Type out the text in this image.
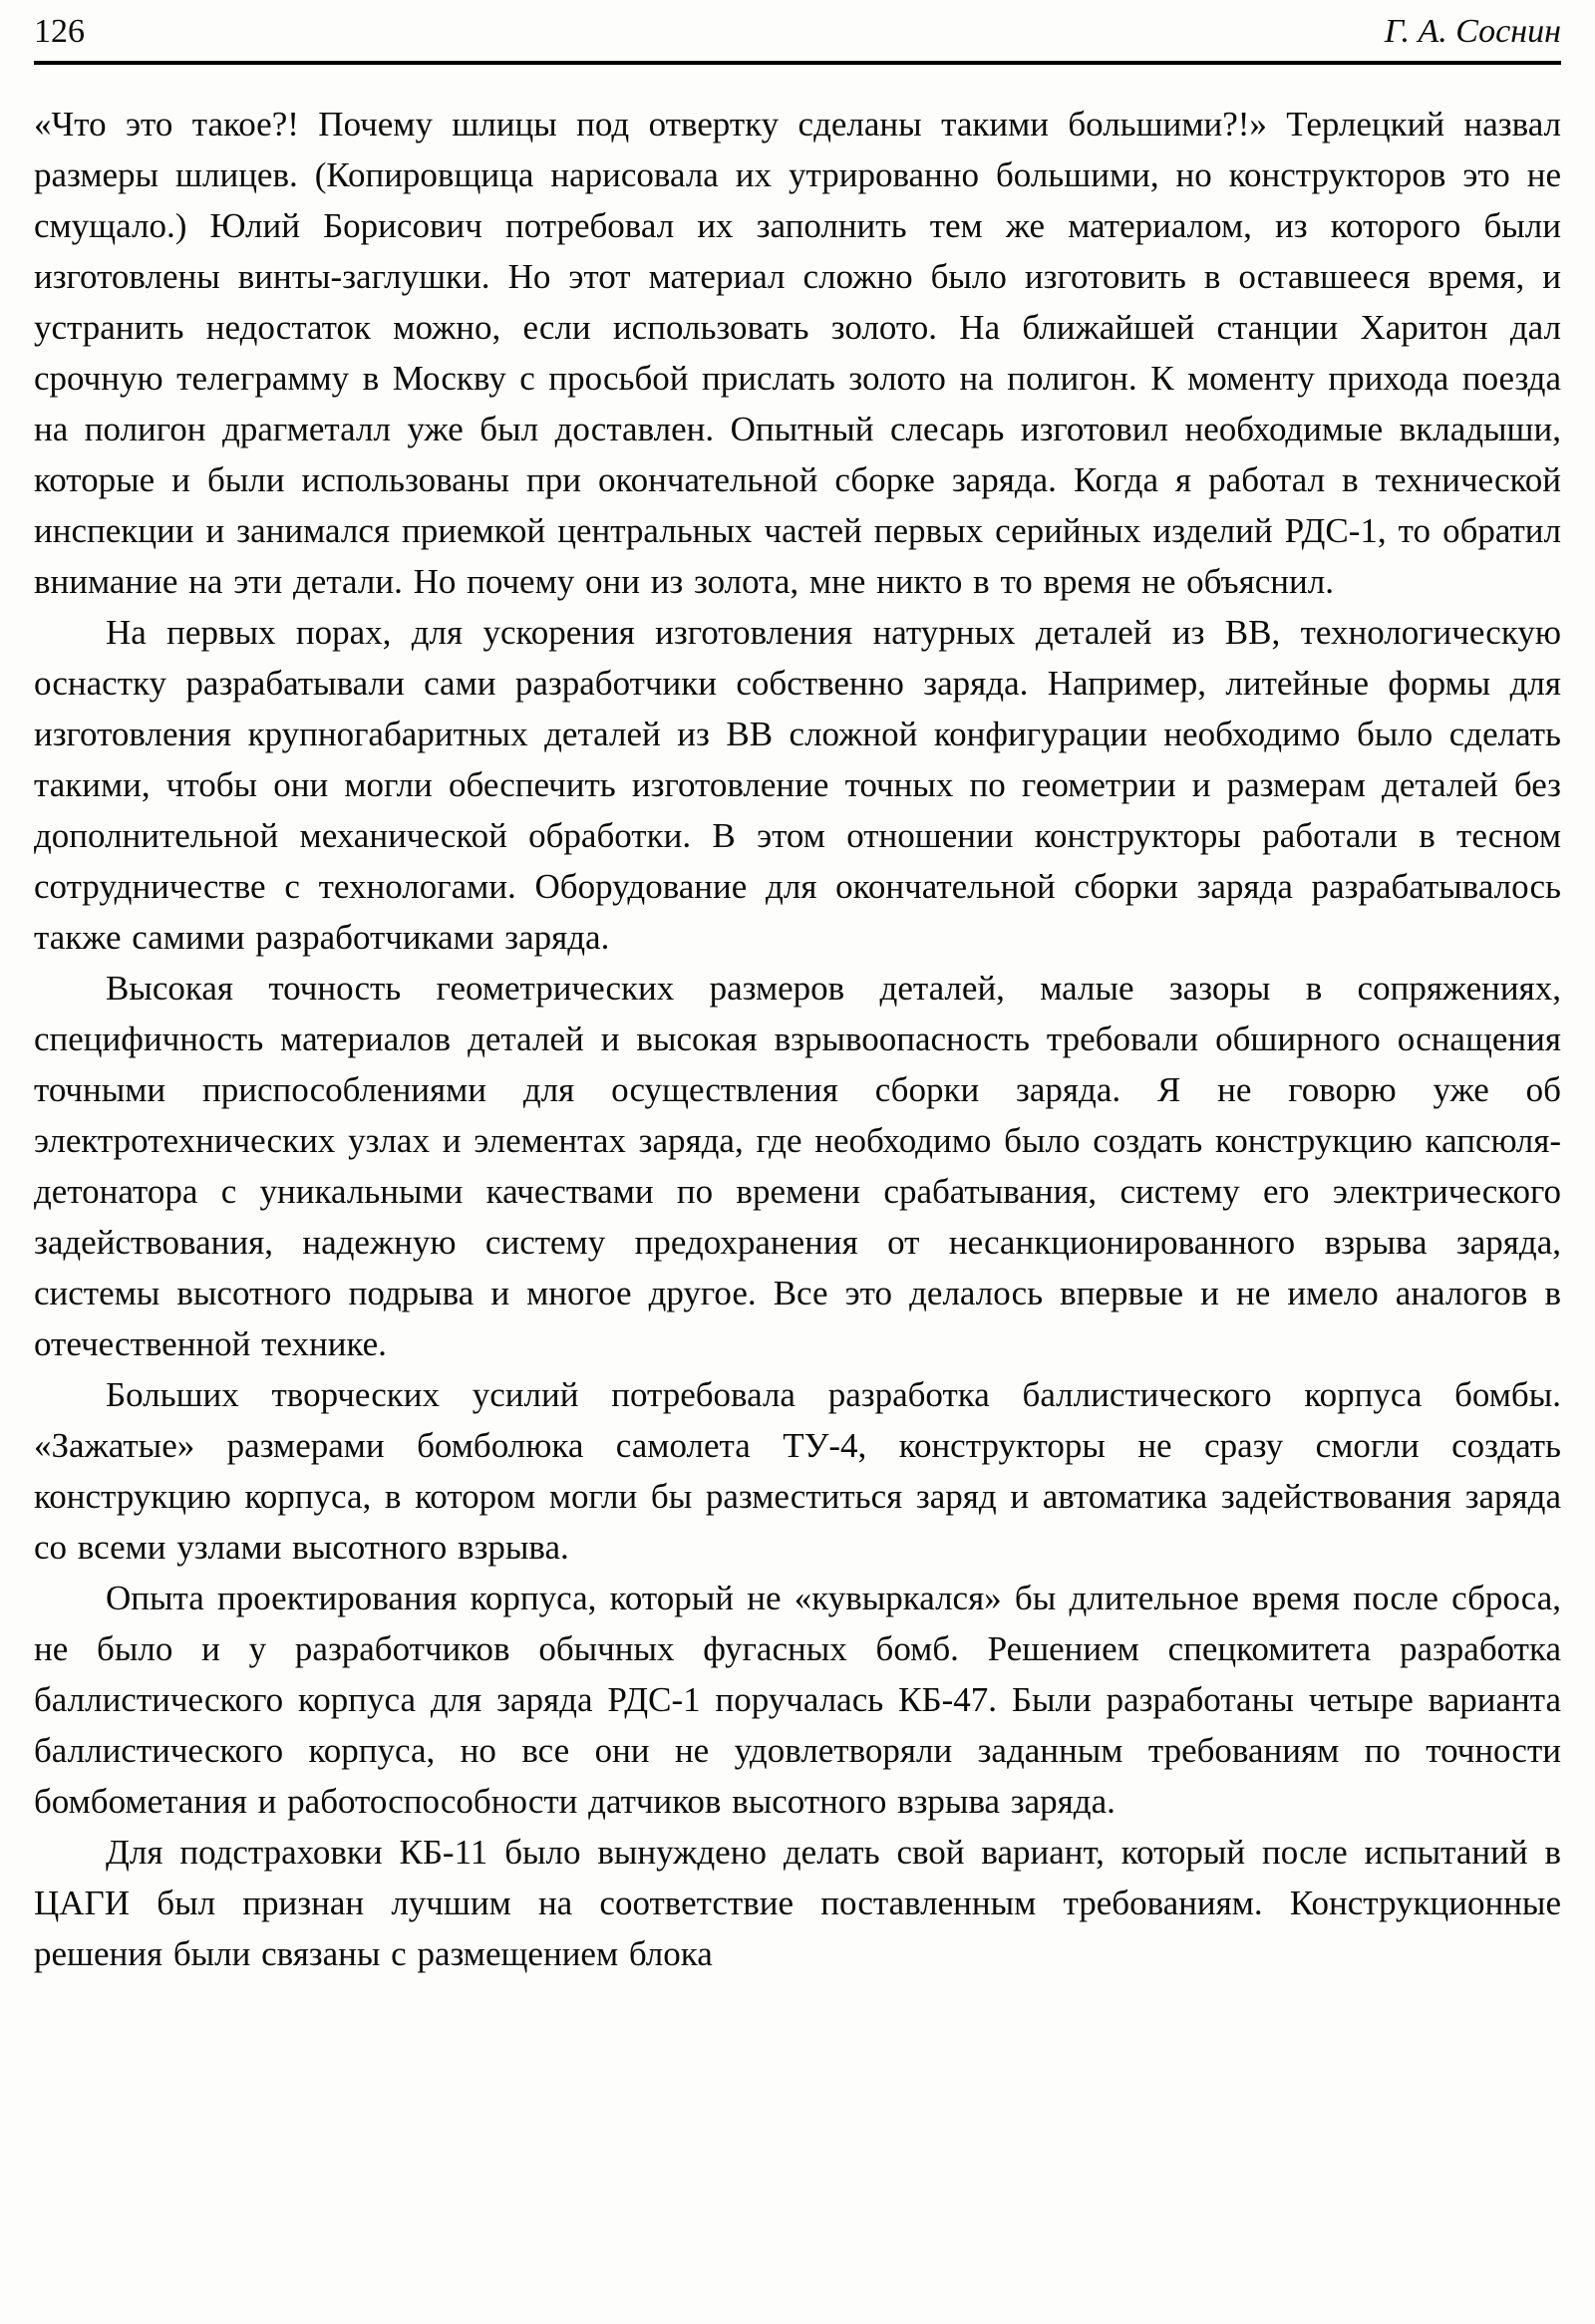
126	Г. А. Соснин

«Что это такое?! Почему шлицы под отвертку сделаны такими большими?!» Терлецкий назвал размеры шлицев. (Копировщица нарисовала их утрированно большими, но конструкторов это не смущало.) Юлий Борисович потребовал их заполнить тем же материалом, из которого были изготовлены винты-заглушки. Но этот материал сложно было изготовить в оставшееся время, и устранить недостаток можно, если использовать золото. На ближайшей станции Харитон дал срочную телеграмму в Москву с просьбой прислать золото на полигон. К моменту прихода поезда на полигон драгметалл уже был доставлен. Опытный слесарь изготовил необходимые вкладыши, которые и были использованы при окончательной сборке заряда. Когда я работал в технической инспекции и занимался приемкой центральных частей первых серийных изделий РДС-1, то обратил внимание на эти детали. Но почему они из золота, мне никто в то время не объяснил.

На первых порах, для ускорения изготовления натурных деталей из ВВ, технологическую оснастку разрабатывали сами разработчики собственно заряда. Например, литейные формы для изготовления крупногабаритных деталей из ВВ сложной конфигурации необходимо было сделать такими, чтобы они могли обеспечить изготовление точных по геометрии и размерам деталей без дополнительной механической обработки. В этом отношении конструкторы работали в тесном сотрудничестве с технологами. Оборудование для окончательной сборки заряда разрабатывалось также самими разработчиками заряда.

Высокая точность геометрических размеров деталей, малые зазоры в сопряжениях, специфичность материалов деталей и высокая взрывоопасность требовали обширного оснащения точными приспособлениями для осуществления сборки заряда. Я не говорю уже об электротехнических узлах и элементах заряда, где необходимо было создать конструкцию капсюля-детонатора с уникальными качествами по времени срабатывания, систему его электрического задействования, надежную систему предохранения от несанкционированного взрыва заряда, системы высотного подрыва и многое другое. Все это делалось впервые и не имело аналогов в отечественной технике.

Больших творческих усилий потребовала разработка баллистического корпуса бомбы. «Зажатые» размерами бомболюка самолета ТУ-4, конструкторы не сразу смогли создать конструкцию корпуса, в котором могли бы разместиться заряд и автоматика задействования заряда со всеми узлами высотного взрыва.

Опыта проектирования корпуса, который не «кувыркался» бы длительное время после сброса, не было и у разработчиков обычных фугасных бомб. Решением спецкомитета разработка баллистического корпуса для заряда РДС-1 поручалась КБ-47. Были разработаны четыре варианта баллистического корпуса, но все они не удовлетворяли заданным требованиям по точности бомбометания и работоспособности датчиков высотного взрыва заряда.

Для подстраховки КБ-11 было вынуждено делать свой вариант, который после испытаний в ЦАГИ был признан лучшим на соответствие поставленным требованиям. Конструкционные решения были связаны с размещением блока
